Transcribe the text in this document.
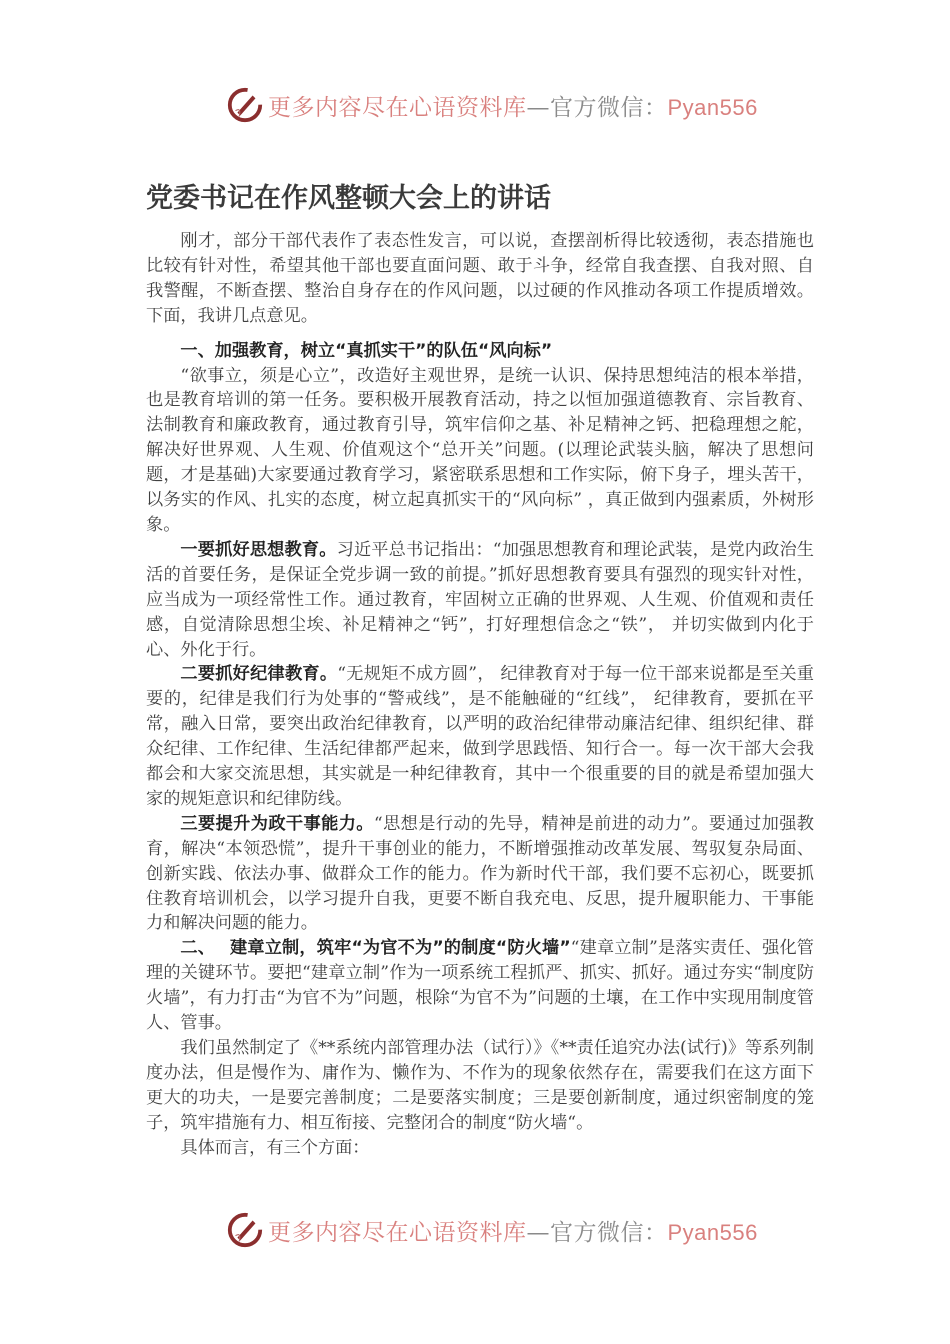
更多内容尽在心语资料库—官方微信：Pyan556
党委书记在作风整顿大会上的讲话

刚才，部分干部代表作了表态性发言，可以说，查摆剖析得比较透彻，表态措施也比较有针对性，希望其他干部也要直面问题、敢于斗争，经常自我查摆、自我对照、自我警醒，不断查摆、整治自身存在的作风问题，以过硬的作风推动各项工作提质增效。下面，我讲几点意见。

一、加强教育，树立“真抓实干”的队伍“风向标”

“欲事立，须是心立”，改造好主观世界，是统一认识、保持思想纯洁的根本举措，也是教育培训的第一任务。要积极开展教育活动，持之以恒加强道德教育、宗旨教育、法制教育和廉政教育，通过教育引导，筑牢信仰之基、补足精神之钙、把稳理想之舵，解决好世界观、人生观、价值观这个“总开关”问题。(以理论武装头脑，解决了思想问题，才是基础)大家要通过教育学习，紧密联系思想和工作实际，俯下身子，埋头苦干，以务实的作风、扎实的态度，树立起真抓实干的“风向标” ，真正做到内强素质，外树形象。

一要抓好思想教育。习近平总书记指出：“加强思想教育和理论武装，是党内政治生活的首要任务，是保证全党步调一致的前提。”抓好思想教育要具有强烈的现实针对性，应当成为一项经常性工作。通过教育，牢固树立正确的世界观、人生观、价值观和责任感，自觉清除思想尘埃、补足精神之“钙”，打好理想信念之“铁”， 并切实做到内化于心、外化于行。

二要抓好纪律教育。“无规矩不成方圆”， 纪律教育对于每一位干部来说都是至关重要的，纪律是我们行为处事的“警戒线”，是不能触碰的“红线”， 纪律教育，要抓在平常，融入日常，要突出政治纪律教育，以严明的政治纪律带动廉洁纪律、组织纪律、群众纪律、工作纪律、生活纪律都严起来，做到学思践悟、知行合一。每一次干部大会我都会和大家交流思想，其实就是一种纪律教育，其中一个很重要的目的就是希望加强大家的规矩意识和纪律防线。

三要提升为政干事能力。“思想是行动的先导，精神是前进的动力”。要通过加强教育，解决“本领恐慌”，提升干事创业的能力，不断增强推动改革发展、驾驭复杂局面、创新实践、依法办事、做群众工作的能力。作为新时代干部，我们要不忘初心，既要抓住教育培训机会，以学习提升自我，更要不断自我充电、反思，提升履职能力、干事能力和解决问题的能力。

二、　 建章立制，筑牢“为官不为”的制度“防火墙”“建章立制”是落实责任、强化管理的关键环节。要把“建章立制”作为一项系统工程抓严、抓实、抓好。通过夯实“制度防火墙”，有力打击“为官不为”问题，根除“为官不为”问题的土壤，在工作中实现用制度管人、管事。

我们虽然制定了《**系统内部管理办法（试行）》《**责任追究办法(试行)》等系列制度办法，但是慢作为、庸作为、懒作为、不作为的现象依然存在，需要我们在这方面下更大的功夫，一是要完善制度；二是要落实制度；三是要创新制度，通过织密制度的笼子，筑牢措施有力、相互衔接、完整闭合的制度“防火墙“。

具体而言，有三个方面：

更多内容尽在心语资料库—官方微信：Pyan556
